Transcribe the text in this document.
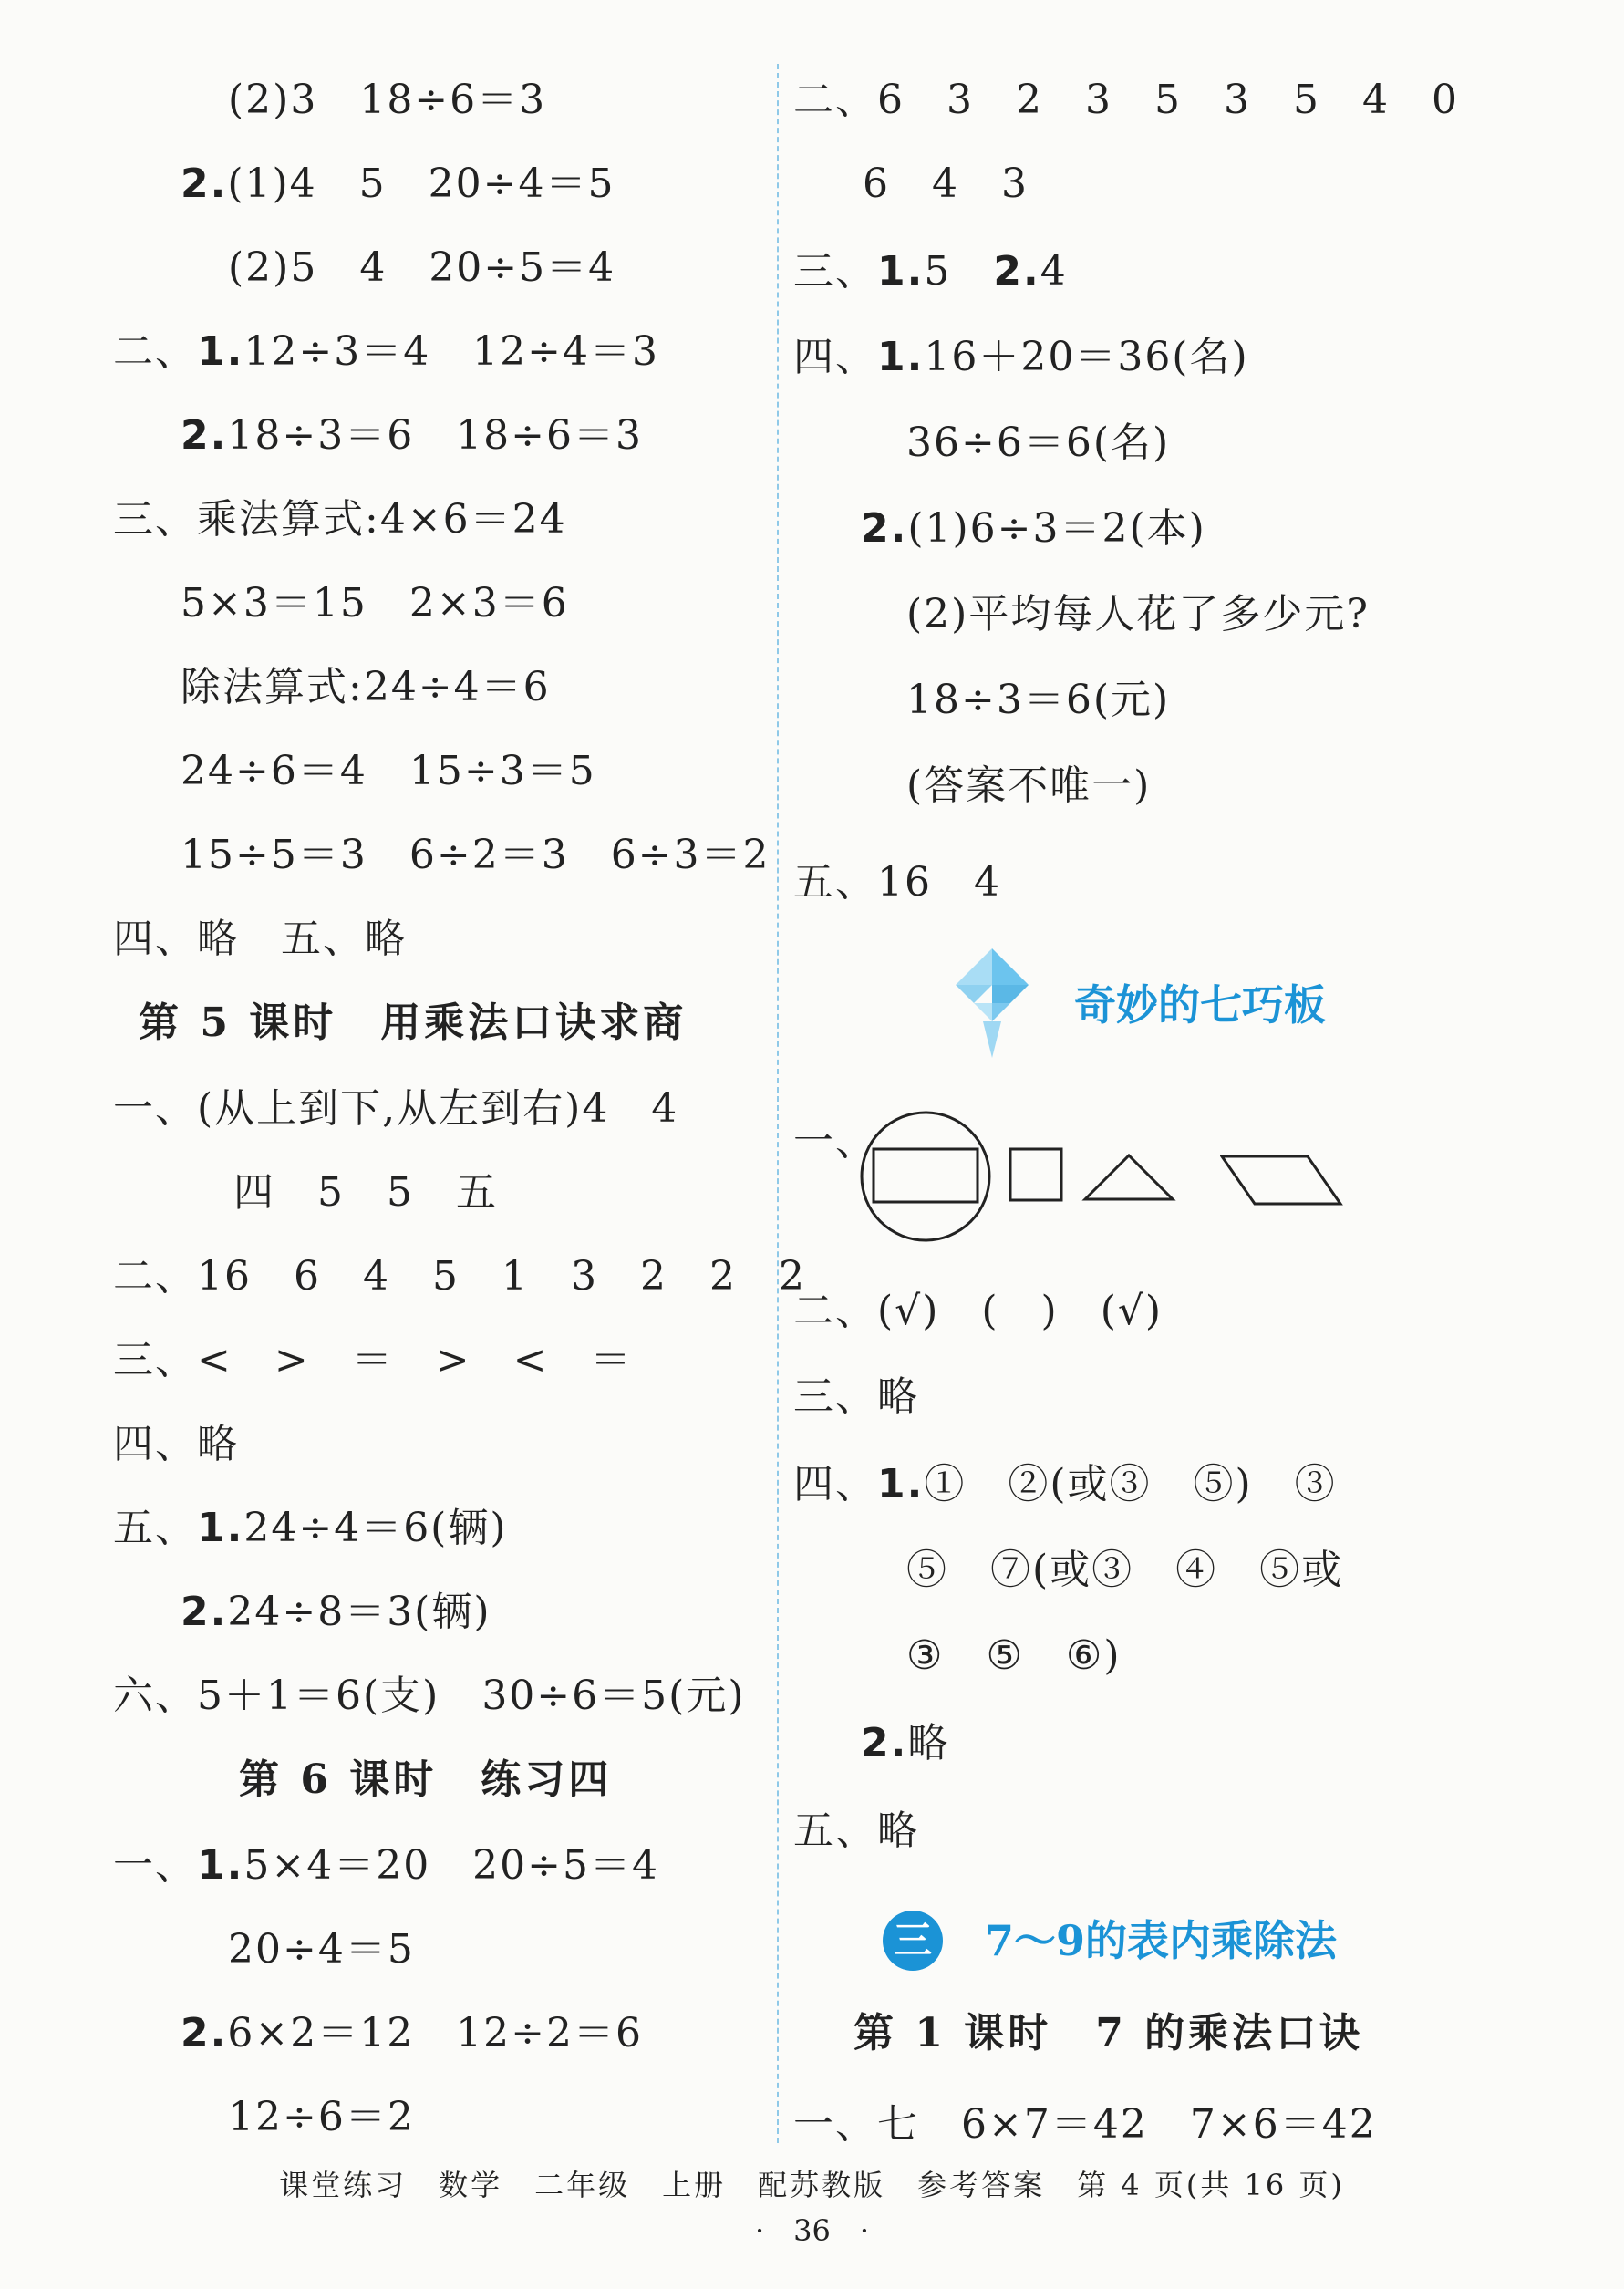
(2)3　18÷6＝3
2.(1)4　5　20÷4＝5
(2)5　4　20÷5＝4
二、1.12÷3＝4　12÷4＝3
2.18÷3＝6　18÷6＝3
三、乘法算式:4×6＝24
5×3＝15　2×3＝6
除法算式:24÷4＝6
24÷6＝4　15÷3＝5
15÷5＝3　6÷2＝3　6÷3＝2
四、略　五、略
第 5 课时　用乘法口诀求商
一、(从上到下,从左到右)4　4
四　5　5　五
二、16　6　4　5　1　3　2　2　2
三、<　>　＝　>　<　＝
四、略
五、1.24÷4＝6(辆)
2.24÷8＝3(辆)
六、5＋1＝6(支)　30÷6＝5(元)
第 6 课时　练习四
一、1.5×4＝20　20÷5＝4
20÷4＝5
2.6×2＝12　12÷2＝6
12÷6＝2
二、6　3　2　3　5　3　5　4　0
6　4　3
三、1.5　2.4
四、1.16＋20＝36(名)
36÷6＝6(名)
2.(1)6÷3＝2(本)
(2)平均每人花了多少元?
18÷3＝6(元)
(答案不唯一)
五、16　4
奇妙的七巧板
一、
二、(√)　(　)　(√)
三、略
四、1.①　②(或③　⑤)　③
⑤　⑦(或③　④　⑤或
③　⑤　⑥)
2.略
五、略
7～9的表内乘除法
第 1 课时　7 的乘法口诀
一、七　6×7＝42　7×6＝42
三
课堂练习　数学　二年级　上册　配苏教版　参考答案　第 4 页(共 16 页)
·　36　·
